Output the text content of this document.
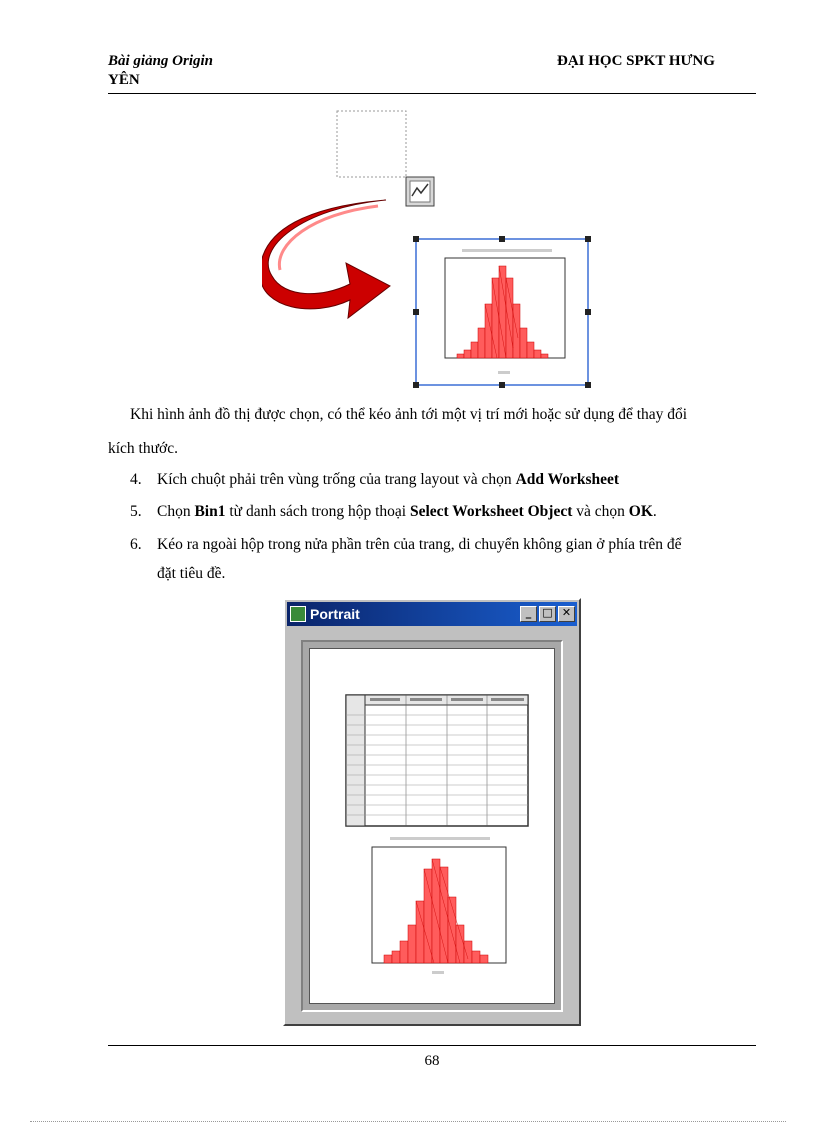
Bài giảng Origin
YÊN
ĐẠI HỌC SPKT HƯNG
Khi hình ảnh đồ thị được chọn, có thể kéo ảnh tới một vị trí mới hoặc sử dụng để thay đổi
kích thước.
4. Kích chuột phải trên vùng trống của trang layout và chọn Add Worksheet
5. Chọn Bin1 từ danh sách trong hộp thoại Select Worksheet Object và chọn OK.
6. Kéo ra ngoài hộp trong nửa phần trên của trang, di chuyển không gian ở phía trên để
đặt tiêu đề.
Portrait	_	□ ✕
68
